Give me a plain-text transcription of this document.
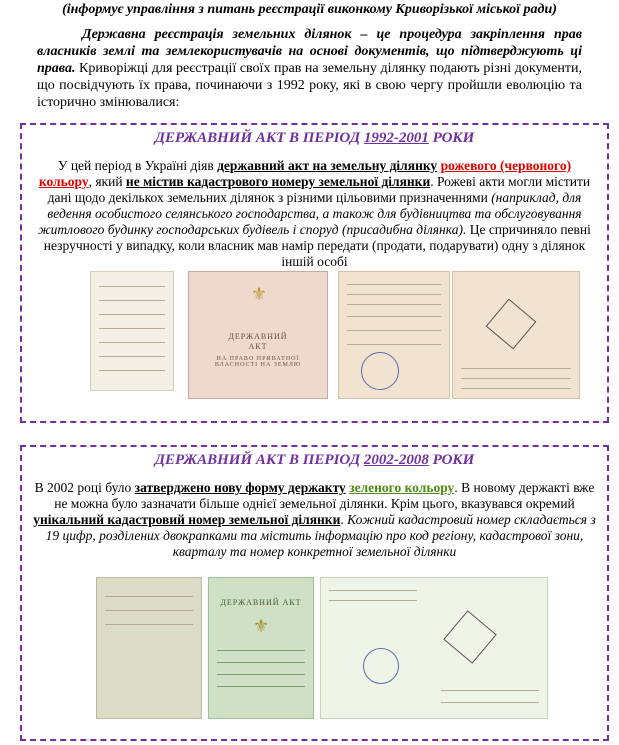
(інформує управління з питань реєстрації виконкому Криворізької міської ради)

Державна реєстрація земельних ділянок – це процедура закріплення прав власників землі та землекористувачів на основі документів, що підтверджують ці права. Криворіжці для реєстрації своїх прав на земельну ділянку подають різні документи, що посвідчують їх права, починаючи з 1992 року, які в свою чергу пройшли еволюцію та історично змінювалися:

ДЕРЖАВНИЙ АКТ В ПЕРІОД 1992-2001 РОКИ
У цей період в Україні діяв державний акт на земельну ділянку рожевого (червоного) кольору, який не містив кадастрового номеру земельної ділянки. Рожеві акти могли містити дані щодо декількох земельних ділянок з різними цільовими призначеннями (наприклад, для ведення особистого селянського господарства, а також для будівництва та обслуговування житлового будинку господарських будівель і споруд (присадибна ділянка). Це спричиняло певні незручності у випадку, коли власник мав намір передати (продати, подарувати) одну з ділянок іншій особі
⚜
ДЕРЖАВНИЙ
АКТ
НА ПРАВО ПРИВАТНОЇ ВЛАСНОСТІ НА ЗЕМЛЮ
ДЕРЖАВНИЙ АКТ В ПЕРІОД 2002-2008 РОКИ
В 2002 році було затверджено нову форму держакту зеленого кольору. В новому держакті вже не можна було зазначати більше однієї земельної ділянки. Крім цього, вказувався окремий унікальний кадастровий номер земельної ділянки. Кожний кадастровий номер складається з 19 цифр, розділених двокрапками та містить інформацію про код регіону, кадастрової зони, кварталу та номер конкретної земельної ділянки
ДЕРЖАВНИЙ АКТ
⚜
